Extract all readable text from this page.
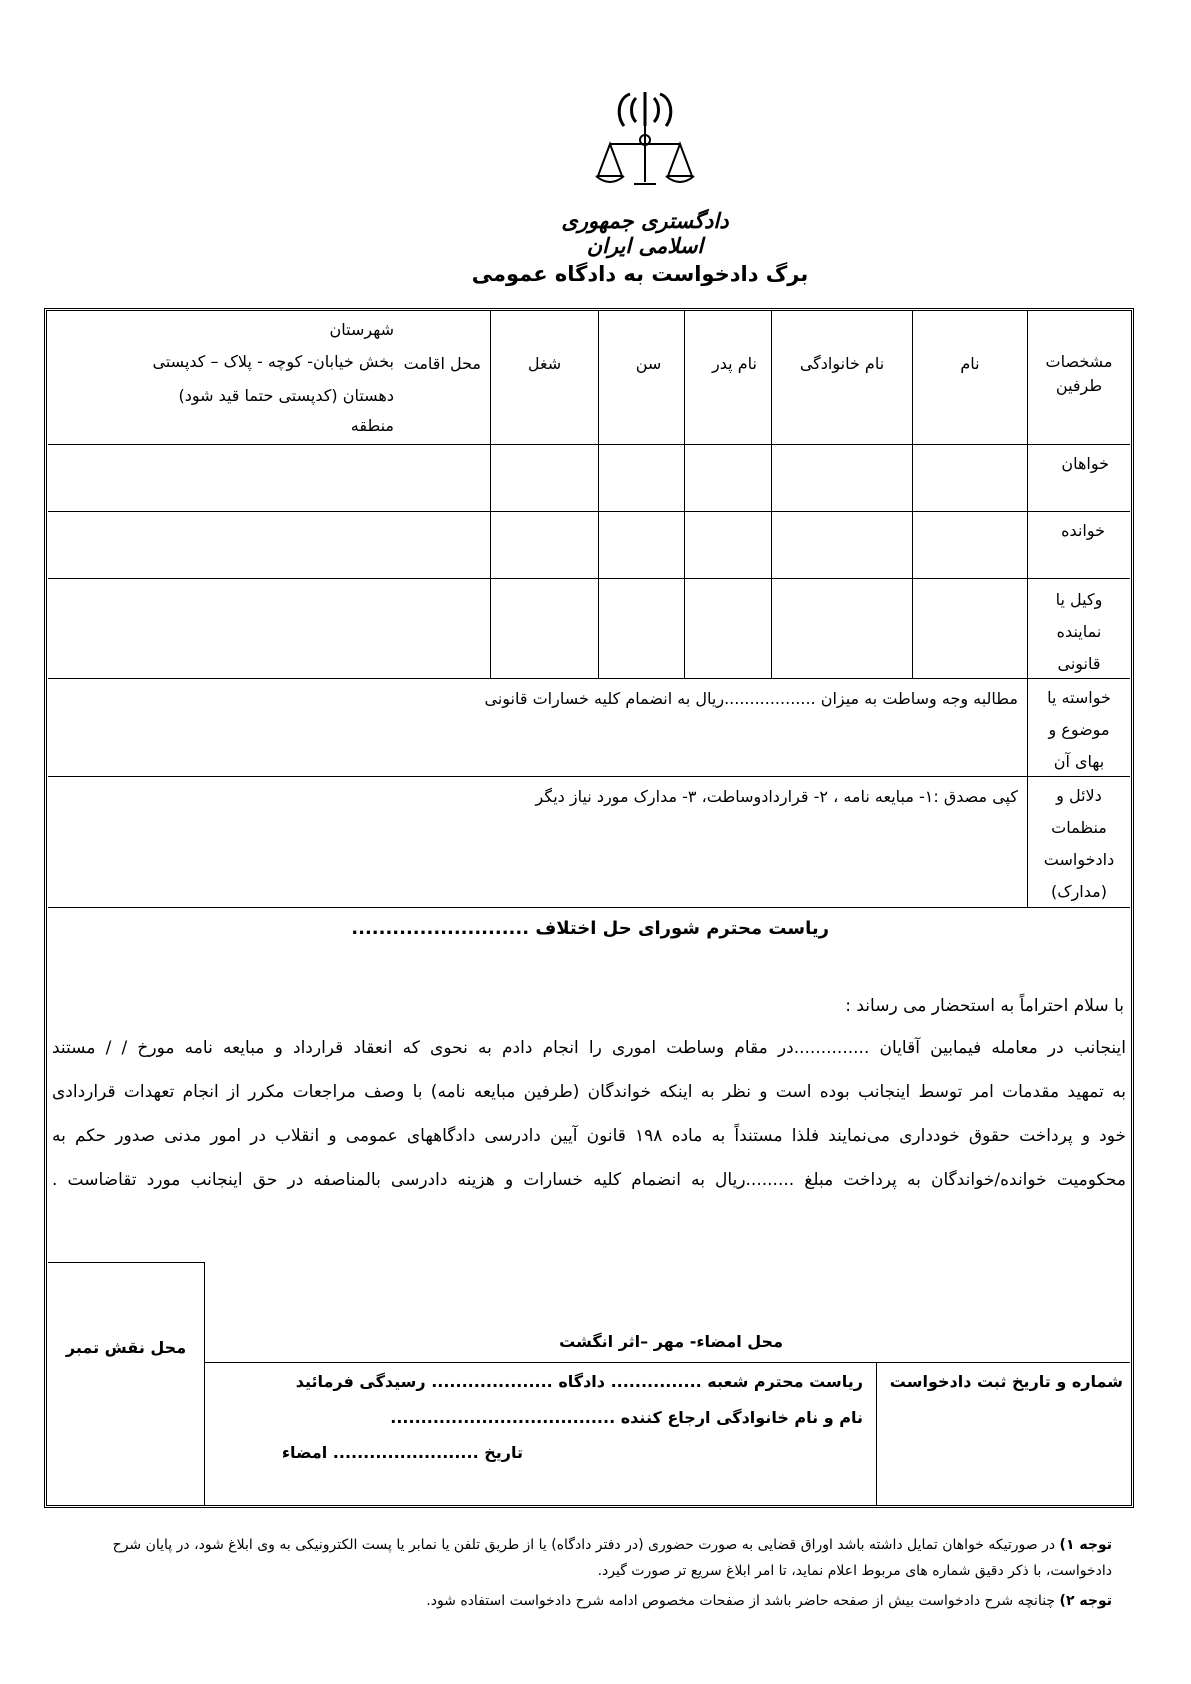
دادگستری جمهوری اسلامی ایران
برگ دادخواست به دادگاه عمومی
مشخصات
طرفین
نام
نام خانوادگی
نام پدر
سن
شغل
محل اقامت
شهرستان
بخش خیابان- کوچه - پلاک – کدپستی
دهستان (کدپستی حتما قید شود)
منطقه
خواهان
خوانده
وکیل یا
نماینده
قانونی
خواسته یا
موضوع و
بهای آن
مطالبه وجه وساطت به میزان ..................ریال به انضمام کلیه خسارات قانونی
دلائل و
منظمات
دادخواست
(مدارک)
کپی مصدق :۱- مبایعه نامه ، ۲- قراردادوساطت، ۳- مدارک مورد نیاز دیگر
ریاست محترم شورای حل اختلاف ..........................
با سلام احتراماً به استحضار می رساند :
اینجانب در معامله فیمابین آقایان ..............در مقام وساطت اموری را انجام دادم به نحوی که انعقاد قرارداد و مبایعه نامه مورخ / / مستند
به تمهید مقدمات امر توسط اینجانب بوده است و نظر به اینکه خواندگان (طرفین مبایعه نامه) با وصف مراجعات مکرر از انجام تعهدات قراردادی
خود و پرداخت حقوق خودداری می‌نمایند فلذا مستنداً به ماده ۱۹۸ قانون آیین دادرسی دادگاههای عمومی و انقلاب در امور مدنی صدور حکم به
محکومیت خوانده/خواندگان به پرداخت مبلغ .........ریال به انضمام کلیه خسارات و هزینه دادرسی بالمناصفه در حق اینجانب مورد تقاضاست .
محل نقش تمبر	محل امضاء- مهر –اثر انگشت
شماره و تاریخ ثبت دادخواست
ریاست محترم شعبه ............... دادگاه .................... رسیدگی فرمائید
نام و نام خانوادگی ارجاع کننده .....................................
تاریخ ........................ امضاء
توجه ۱) در صورتیکه خواهان تمایل داشته باشد اوراق قضایی به صورت حضوری (در دفتر دادگاه) یا از طریق تلفن یا نمابر یا پست الکترونیکی به وی ابلاغ شود، در پایان شرح دادخواست، با ذکر دقیق شماره های مربوط اعلام نماید، تا امر ابلاغ سریع تر صورت گیرد.
توجه ۲) چنانچه شرح دادخواست بیش از صفحه حاضر باشد از صفحات مخصوص ادامه شرح دادخواست استفاده شود.
